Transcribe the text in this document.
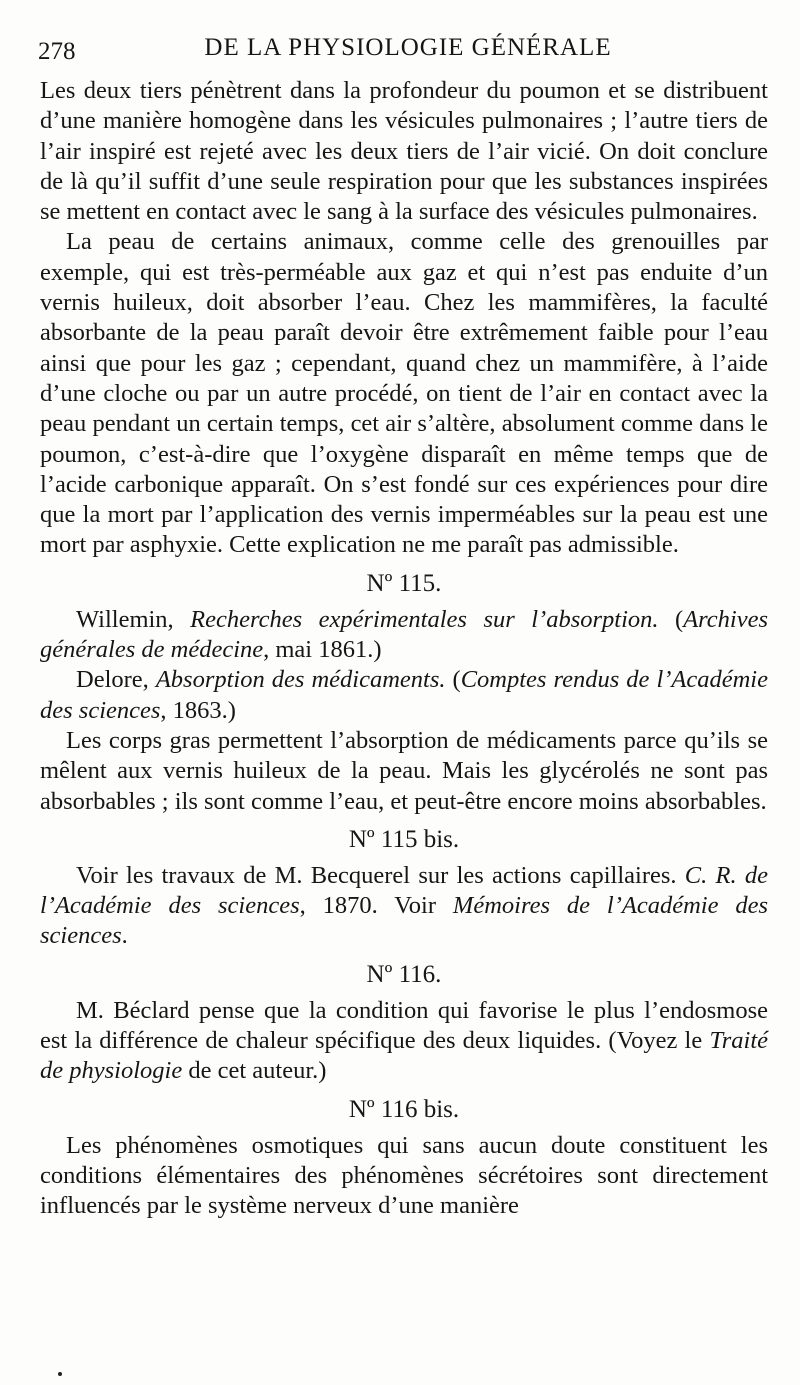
278	DE LA PHYSIOLOGIE GÉNÉRALE

Les deux tiers pénètrent dans la profondeur du poumon et se distribuent d’une manière homogène dans les vésicules pulmonaires ; l’autre tiers de l’air inspiré est rejeté avec les deux tiers de l’air vicié. On doit conclure de là qu’il suffit d’une seule respiration pour que les substances inspirées se mettent en contact avec le sang à la surface des vésicules pulmonaires.

La peau de certains animaux, comme celle des grenouilles par exemple, qui est très-perméable aux gaz et qui n’est pas enduite d’un vernis huileux, doit absorber l’eau. Chez les mammifères, la faculté absorbante de la peau paraît devoir être extrêmement faible pour l’eau ainsi que pour les gaz ; cependant, quand chez un mammifère, à l’aide d’une cloche ou par un autre procédé, on tient de l’air en contact avec la peau pendant un certain temps, cet air s’altère, absolument comme dans le poumon, c’est-à-dire que l’oxygène disparaît en même temps que de l’acide carbonique apparaît. On s’est fondé sur ces expériences pour dire que la mort par l’application des vernis imperméables sur la peau est une mort par asphyxie. Cette explication ne me paraît pas admissible.

Nº 115.

Willemin, Recherches expérimentales sur l’absorption. (Archives générales de médecine, mai 1861.)

Delore, Absorption des médicaments. (Comptes rendus de l’Académie des sciences, 1863.)

Les corps gras permettent l’absorption de médicaments parce qu’ils se mêlent aux vernis huileux de la peau. Mais les glycérolés ne sont pas absorbables ; ils sont comme l’eau, et peut-être encore moins absorbables.

Nº 115 bis.

Voir les travaux de M. Becquerel sur les actions capillaires. C. R. de l’Académie des sciences, 1870. Voir Mémoires de l’Académie des sciences.

Nº 116.

M. Béclard pense que la condition qui favorise le plus l’endosmose est la différence de chaleur spécifique des deux liquides. (Voyez le Traité de physiologie de cet auteur.)

Nº 116 bis.

Les phénomènes osmotiques qui sans aucun doute constituent les conditions élémentaires des phénomènes sécrétoires sont directement influencés par le système nerveux d’une manière
